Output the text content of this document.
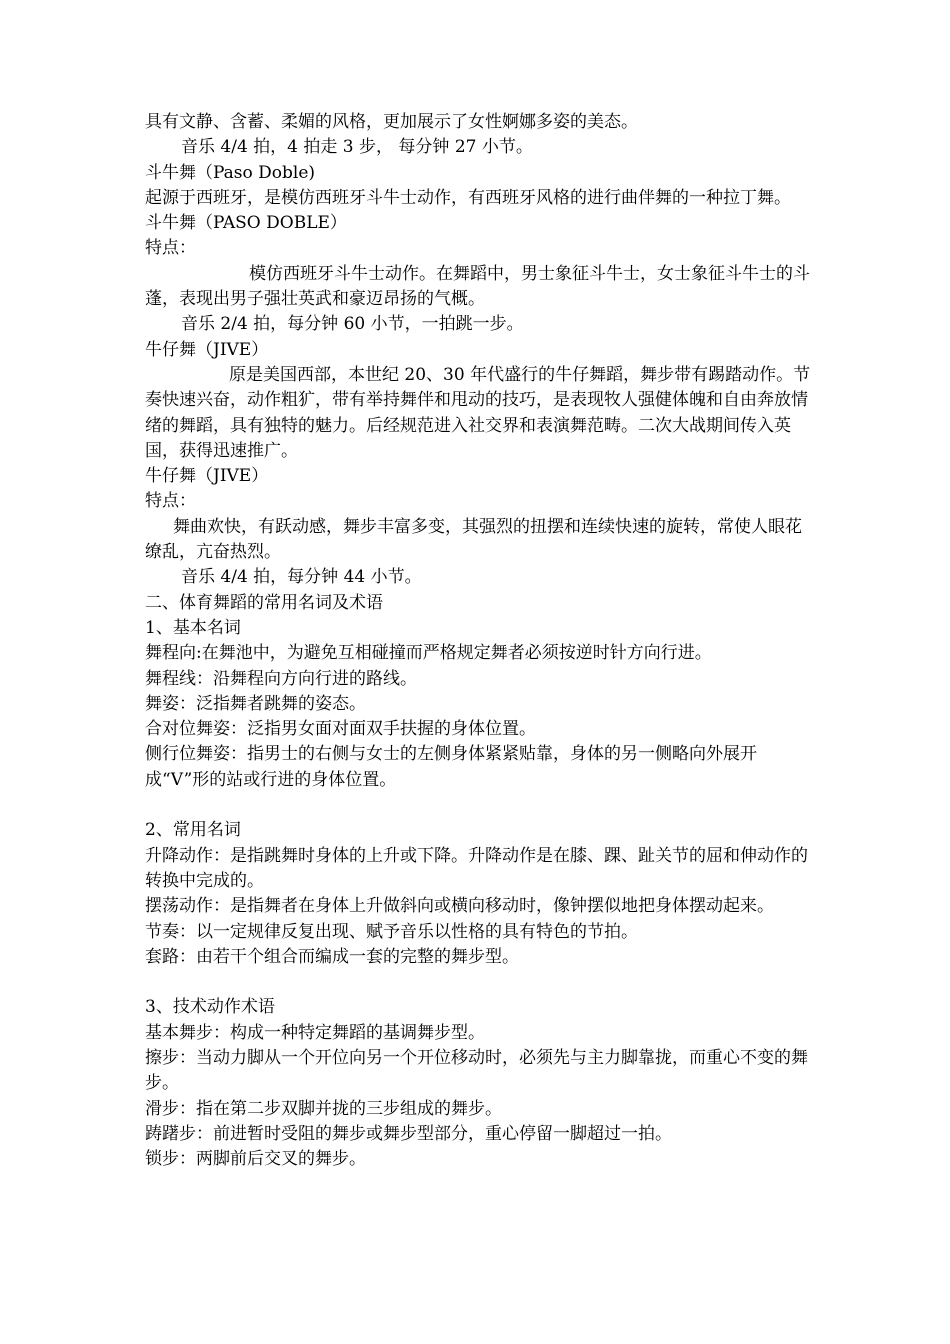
具有文静、含蓄、柔媚的风格，更加展示了女性婀娜多姿的美态。

音乐 4/4 拍，4 拍走 3 步， 每分钟 27 小节。

斗牛舞（Paso Doble)

起源于西班牙，是模仿西班牙斗牛士动作，有西班牙风格的进行曲伴舞的一种拉丁舞。

斗牛舞（PASO DOBLE）

特点：

模仿西班牙斗牛士动作。在舞蹈中，男士象征斗牛士，女士象征斗牛士的斗蓬，表现出男子强壮英武和豪迈昂扬的气概。

音乐 2/4 拍，每分钟 60 小节，一拍跳一步。

牛仔舞（JIVE）

原是美国西部，本世纪 20、30 年代盛行的牛仔舞蹈，舞步带有踢踏动作。节奏快速兴奋，动作粗犷，带有举持舞伴和甩动的技巧，是表现牧人强健体魄和自由奔放情绪的舞蹈，具有独特的魅力。后经规范进入社交界和表演舞范畴。二次大战期间传入英国，获得迅速推广。

牛仔舞（JIVE）

特点：

舞曲欢快，有跃动感，舞步丰富多变，其强烈的扭摆和连续快速的旋转，常使人眼花缭乱，亢奋热烈。

音乐 4/4 拍，每分钟 44 小节。

二、体育舞蹈的常用名词及术语

1、基本名词

舞程向:在舞池中，为避免互相碰撞而严格规定舞者必须按逆时针方向行进。

舞程线：沿舞程向方向行进的路线。

舞姿：泛指舞者跳舞的姿态。

合对位舞姿：泛指男女面对面双手扶握的身体位置。

侧行位舞姿：指男士的右侧与女士的左侧身体紧紧贴靠，身体的另一侧略向外展开成“V”形的站或行进的身体位置。

2、常用名词

升降动作：是指跳舞时身体的上升或下降。升降动作是在膝、踝、趾关节的屈和伸动作的转换中完成的。

摆荡动作：是指舞者在身体上升做斜向或横向移动时，像钟摆似地把身体摆动起来。

节奏：以一定规律反复出现、赋予音乐以性格的具有特色的节拍。

套路：由若干个组合而编成一套的完整的舞步型。

3、技术动作术语

基本舞步：构成一种特定舞蹈的基调舞步型。

擦步：当动力脚从一个开位向另一个开位移动时，必须先与主力脚靠拢，而重心不变的舞步。

滑步：指在第二步双脚并拢的三步组成的舞步。

踌躇步：前进暂时受阻的舞步或舞步型部分，重心停留一脚超过一拍。

锁步：两脚前后交叉的舞步。
